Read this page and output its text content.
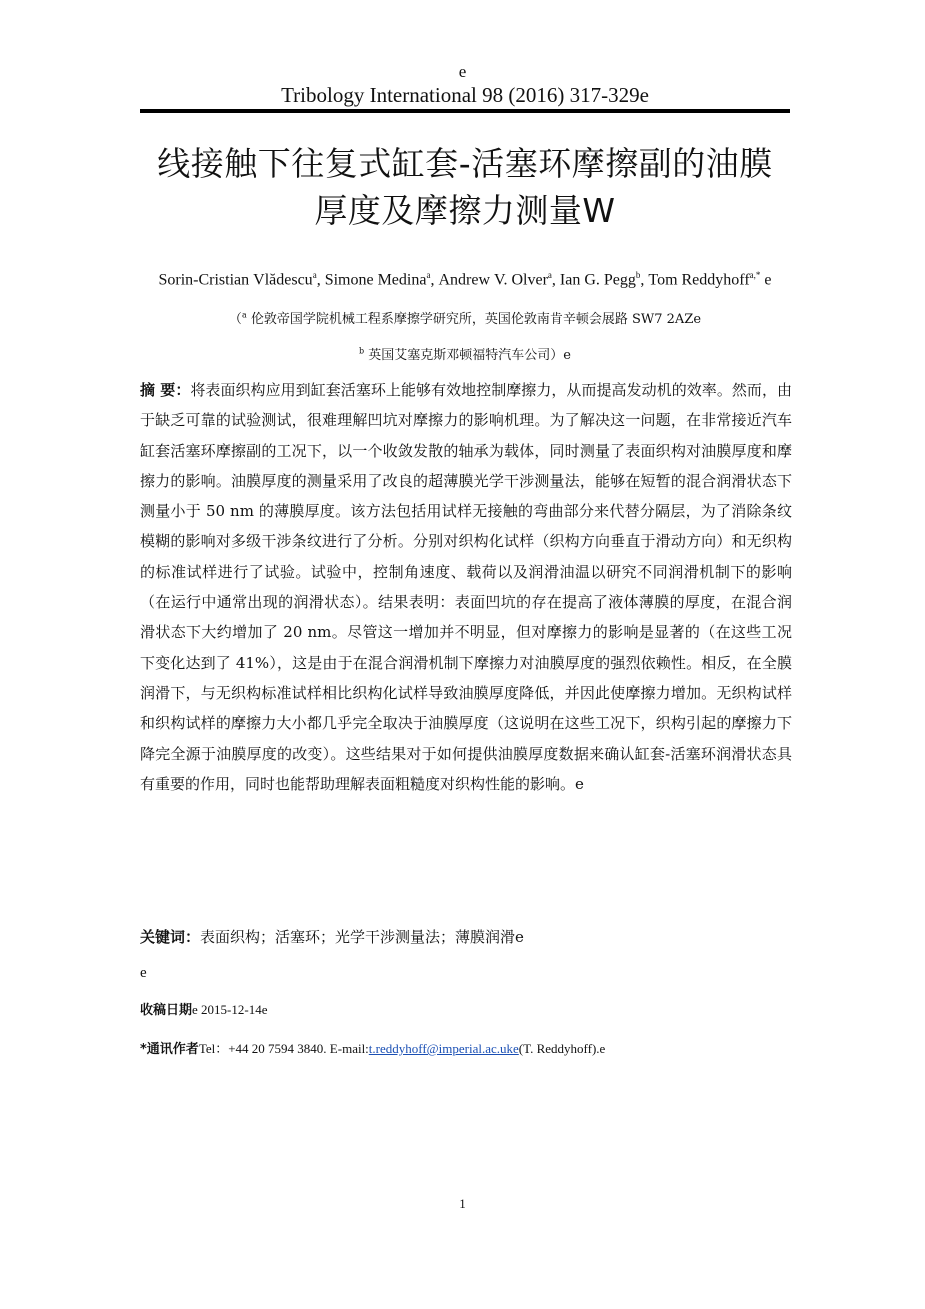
e
Tribology International 98 (2016) 317-329e
线接触下往复式缸套-活塞环摩擦副的油膜
厚度及摩擦力测量W
Sorin-Cristian Vlădescu$^a$, Simone Medina$^a$, Andrew V. Olver$^a$, Ian G. Pegg$^b$, Tom Reddyhoff$^{a,*}$ e
（$^a$ 伦敦帝国学院机械工程系摩擦学研究所，英国伦敦南肯辛顿会展路 SW7 2AZe
$^b$ 英国艾塞克斯邓顿福特汽车公司）e
摘 要：将表面织构应用到缸套活塞环上能够有效地控制摩擦力，从而提高发动机的效率。然而，由于缺乏可靠的试验测试，很难理解凹坑对摩擦力的影响机理。为了解决这一问题，在非常接近汽车缸套活塞环摩擦副的工况下，以一个收敛发散的轴承为载体，同时测量了表面织构对油膜厚度和摩擦力的影响。油膜厚度的测量采用了改良的超薄膜光学干涉测量法，能够在短暂的混合润滑状态下测量小于 50 nm 的薄膜厚度。该方法包括用试样无接触的弯曲部分来代替分隔层，为了消除条纹模糊的影响对多级干涉条纹进行了分析。分别对织构化试样（织构方向垂直于滑动方向）和无织构的标准试样进行了试验。试验中，控制角速度、载荷以及润滑油温以研究不同润滑机制下的影响（在运行中通常出现的润滑状态）。结果表明：表面凹坑的存在提高了液体薄膜的厚度，在混合润滑状态下大约增加了 20 nm。尽管这一增加并不明显，但对摩擦力的影响是显著的（在这些工况下变化达到了 41%），这是由于在混合润滑机制下摩擦力对油膜厚度的强烈依赖性。相反，在全膜润滑下，与无织构标准试样相比织构化试样导致油膜厚度降低，并因此使摩擦力增加。无织构试样和织构试样的摩擦力大小都几乎完全取决于油膜厚度（这说明在这些工况下，织构引起的摩擦力下降完全源于油膜厚度的改变）。这些结果对于如何提供油膜厚度数据来确认缸套-活塞环润滑状态具有重要的作用，同时也能帮助理解表面粗糙度对织构性能的影响。e
关键词：表面织构；活塞环；光学干涉测量法；薄膜润滑e
e
收稿日期e 2015-12-14e
*通讯作者Tel：+44 20 7594 3840. E-mail:t.reddyhoff@imperial.ac.uke(T. Reddyhoff).e
1
